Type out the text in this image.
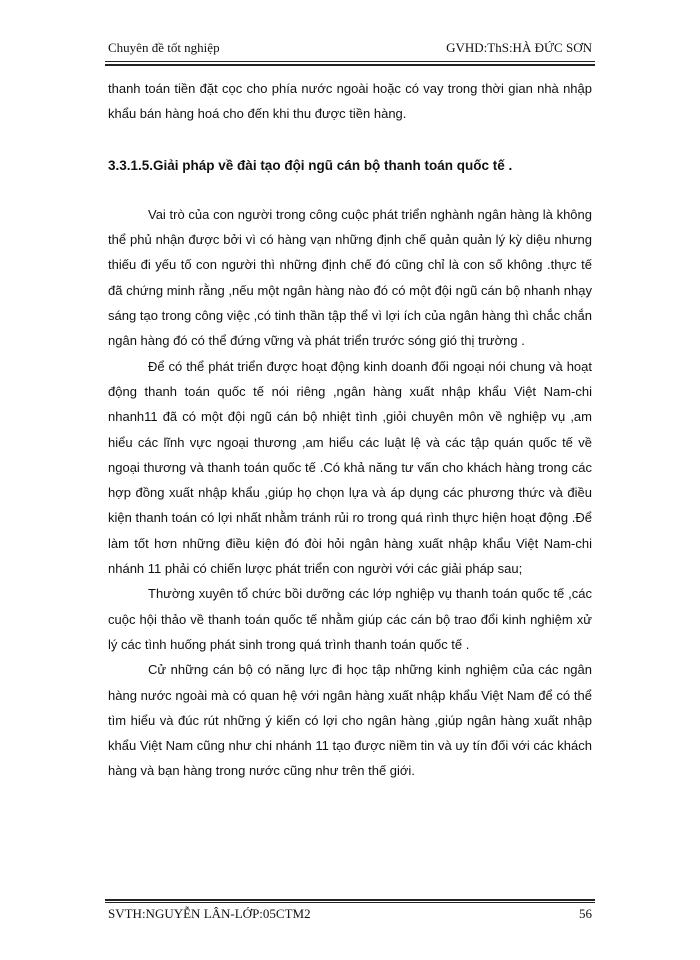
Chuyên đề tốt nghiệp	GVHD:ThS:HÀ ĐỨC SƠN

thanh toán tiền đặt cọc cho phía nước ngoài hoặc có vay trong thời gian nhà nhập khẩu bán hàng hoá cho đến khi thu được tiền hàng.

3.3.1.5.Giải pháp về đài tạo đội ngũ cán bộ thanh toán quốc tế .

Vai trò của con người trong công cuộc phát triển nghành ngân hàng là không thể phủ nhận được bởi vì có hàng vạn những định chế quản quản lý kỳ diệu nhưng thiếu đi yếu tố con người thì những định chế đó cũng chỉ là con số không .thực tế đã chứng minh rằng ,nếu một ngân hàng nào đó có một đội ngũ cán bộ nhanh nhạy sáng tạo trong công việc ,có tinh thần tập thể vì lợi ích của ngân hàng thì chắc chắn ngân hàng đó có thể đứng vững và phát triển trước sóng gió thị trường .

Để có thể phát triển được hoạt động kinh doanh đối ngoại nói chung và hoạt động thanh toán quốc tế nói riêng ,ngân hàng xuất nhập khẩu Việt Nam-chi nhanh11 đã có một đội ngũ cán bộ nhiệt tình ,giỏi chuyên môn về nghiệp vụ ,am hiểu các lĩnh vực ngoại thương ,am hiểu các luật lệ và các tập quán quốc tế về ngoại thương và thanh toán quốc tế .Có khả năng tư vấn cho khách hàng trong các hợp đồng xuất nhập khẩu ,giúp họ chọn lựa và áp dụng các phương thức và điều kiện thanh toán có lợi nhất nhằm tránh rủi ro trong quá rình thực hiện hoạt động .Để làm tốt hơn những điều kiện đó đòi hỏi ngân hàng xuất nhập khẩu Việt Nam-chi nhánh 11 phải có chiến lược phát triển con người với các giải pháp sau;

Thường xuyên tổ chức bồi dưỡng các lớp nghiệp vụ thanh toán quốc tế ,các cuộc hội thảo về thanh toán quốc tế nhằm giúp các cán bộ trao đổi kinh nghiệm xử lý các tình huống phát sinh trong quá trình thanh toán quốc tế .

Cử những cán bộ có năng lực đi học tập những kinh nghiệm của các ngân hàng nước ngoài mà có quan hệ với ngân hàng xuất nhập khẩu Việt Nam để có thể tìm hiểu và đúc rút những ý kiến có lợi cho ngân hàng ,giúp ngân hàng xuất nhập khẩu Việt Nam cũng như chi nhánh 11 tạo được niềm tin và uy tín đối với các khách hàng và bạn hàng trong nước cũng như trên thế giới.

SVTH:NGUYỄN LÂN-LỚP:05CTM2	56
